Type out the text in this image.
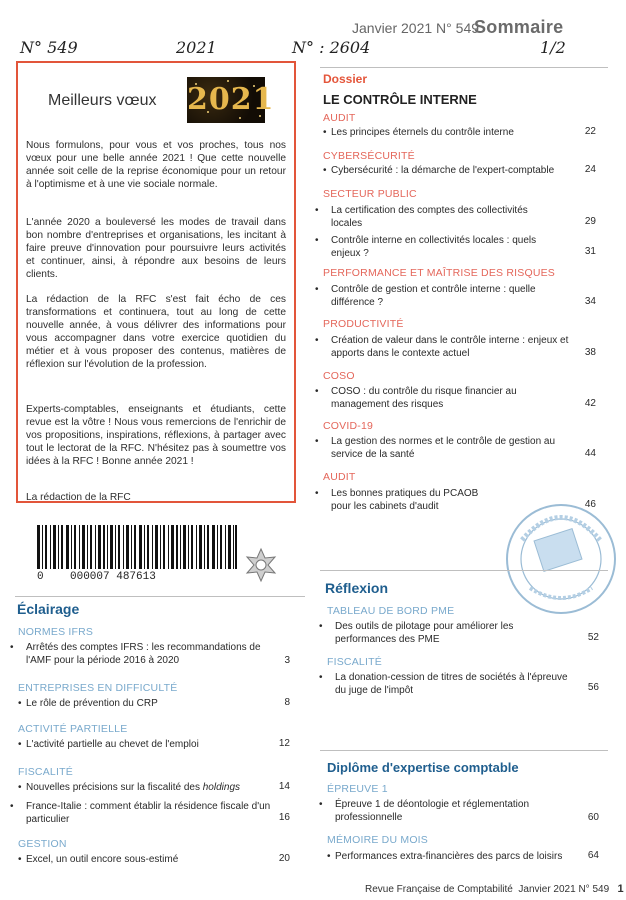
Janvier 2021 N° 549
Sommaire
N° 549	2021	N° : 2604	1/2
Meilleurs vœux 2021
Nous formulons, pour vous et vos proches, tous nos vœux pour une belle année 2021 ! Que cette nouvelle année soit celle de la reprise économique pour un retour à l'optimisme et à une vie sociale normale.
L'année 2020 a bouleversé les modes de travail dans bon nombre d'entreprises et organisations, les incitant à faire preuve d'innovation pour poursuivre leurs activités et continuer, ainsi, à répondre aux besoins de leurs clients.
La rédaction de la RFC s'est fait écho de ces transformations et continuera, tout au long de cette nouvelle année, à vous délivrer des informations pour vous accompagner dans votre exercice quotidien du métier et à vous proposer des contenus, matières de réflexion sur l'évolution de la profession.
Experts-comptables, enseignants et étudiants, cette revue est la vôtre ! Nous vous remercions de l'enrichir de vos propositions, inspirations, réflexions, à partager avec tout le lectorat de la RFC. N'hésitez pas à soumettre vos idées à la RFC ! Bonne année 2021 !
La rédaction de la RFC
0    000007 487613
Dossier
LE CONTRÔLE INTERNE
AUDIT
• Les principes éternels du contrôle interne	22
CYBERSÉCURITÉ
• Cybersécurité : la démarche de l'expert-comptable	24
SECTEUR PUBLIC
• La certification des comptes des collectivités locales	29
• Contrôle interne en collectivités locales : quels enjeux ?	31
PERFORMANCE ET MAÎTRISE DES RISQUES
• Contrôle de gestion et contrôle interne : quelle différence ?	34
PRODUCTIVITÉ
• Création de valeur dans le contrôle interne : enjeux et apports dans le contexte actuel	38
COSO
• COSO : du contrôle du risque financier au management des risques	42
COVID-19
• La gestion des normes et le contrôle de gestion au service de la santé	44
AUDIT
• Les bonnes pratiques du PCAOB pour les cabinets d'audit	46
Réflexion
TABLEAU DE BORD PME
• Des outils de pilotage pour améliorer les performances des PME	52
FISCALITÉ
• La donation-cession de titres de sociétés à l'épreuve du juge de l'impôt	56
Diplôme d'expertise comptable
ÉPREUVE 1
• Épreuve 1 de déontologie et réglementation professionnelle	60
MÉMOIRE DU MOIS
• Performances extra-financières des parcs de loisirs	64
Éclairage
NORMES IFRS
• Arrêtés des comptes IFRS : les recommandations de l'AMF pour la période 2016 à 2020	3
ENTREPRISES EN DIFFICULTÉ
• Le rôle de prévention du CRP	8
ACTIVITÉ PARTIELLE
• L'activité partielle au chevet de l'emploi	12
FISCALITÉ
• Nouvelles précisions sur la fiscalité des holdings	14
• France-Italie : comment établir la résidence fiscale d'un particulier	16
GESTION
• Excel, un outil encore sous-estimé	20
Revue Française de Comptabilité Janvier 2021 N° 549 1
